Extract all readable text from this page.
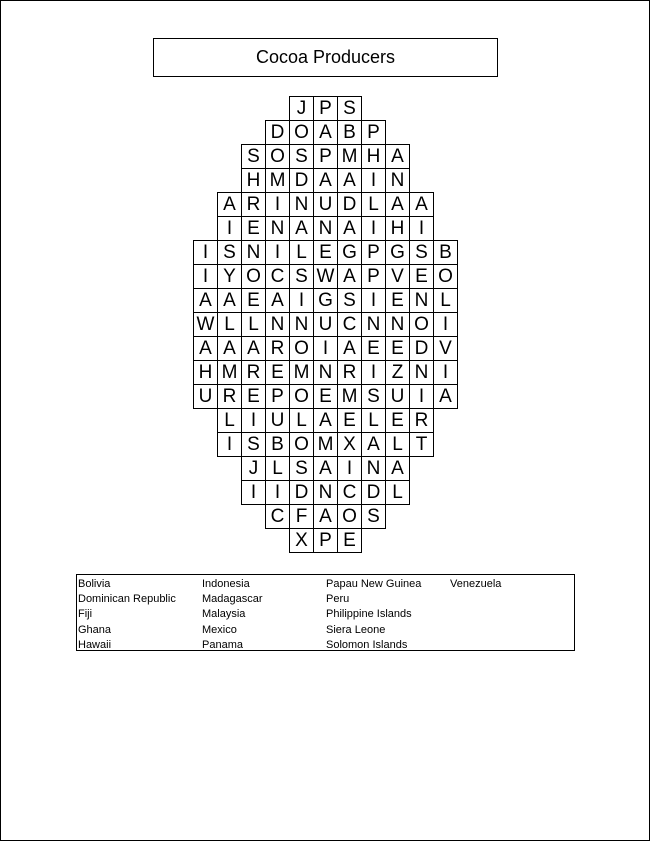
Cocoa Producers
J P S
D O A B P
S O S P M H A
H M D A A I N
A R I N U D L A A
I E N A N A I H I
I S N I L E G P G S B
I Y O C S W A P V E O
A A E A I G S I E N L
W L L N N U C N N O I
A A A R O I A E E D V
H M R E M N R I Z N I
U R E P O E M S U I A
L I U L A E L E R
I S B O M X A L T
J L S A I N A
I I D N C D L
C F A O S
X P E
Bolivia
Dominican Republic
Fiji
Ghana
Hawaii
Indonesia
Madagascar
Malaysia
Mexico
Panama
Papau New Guinea
Peru
Philippine Islands
Siera Leone
Solomon Islands
Venezuela
